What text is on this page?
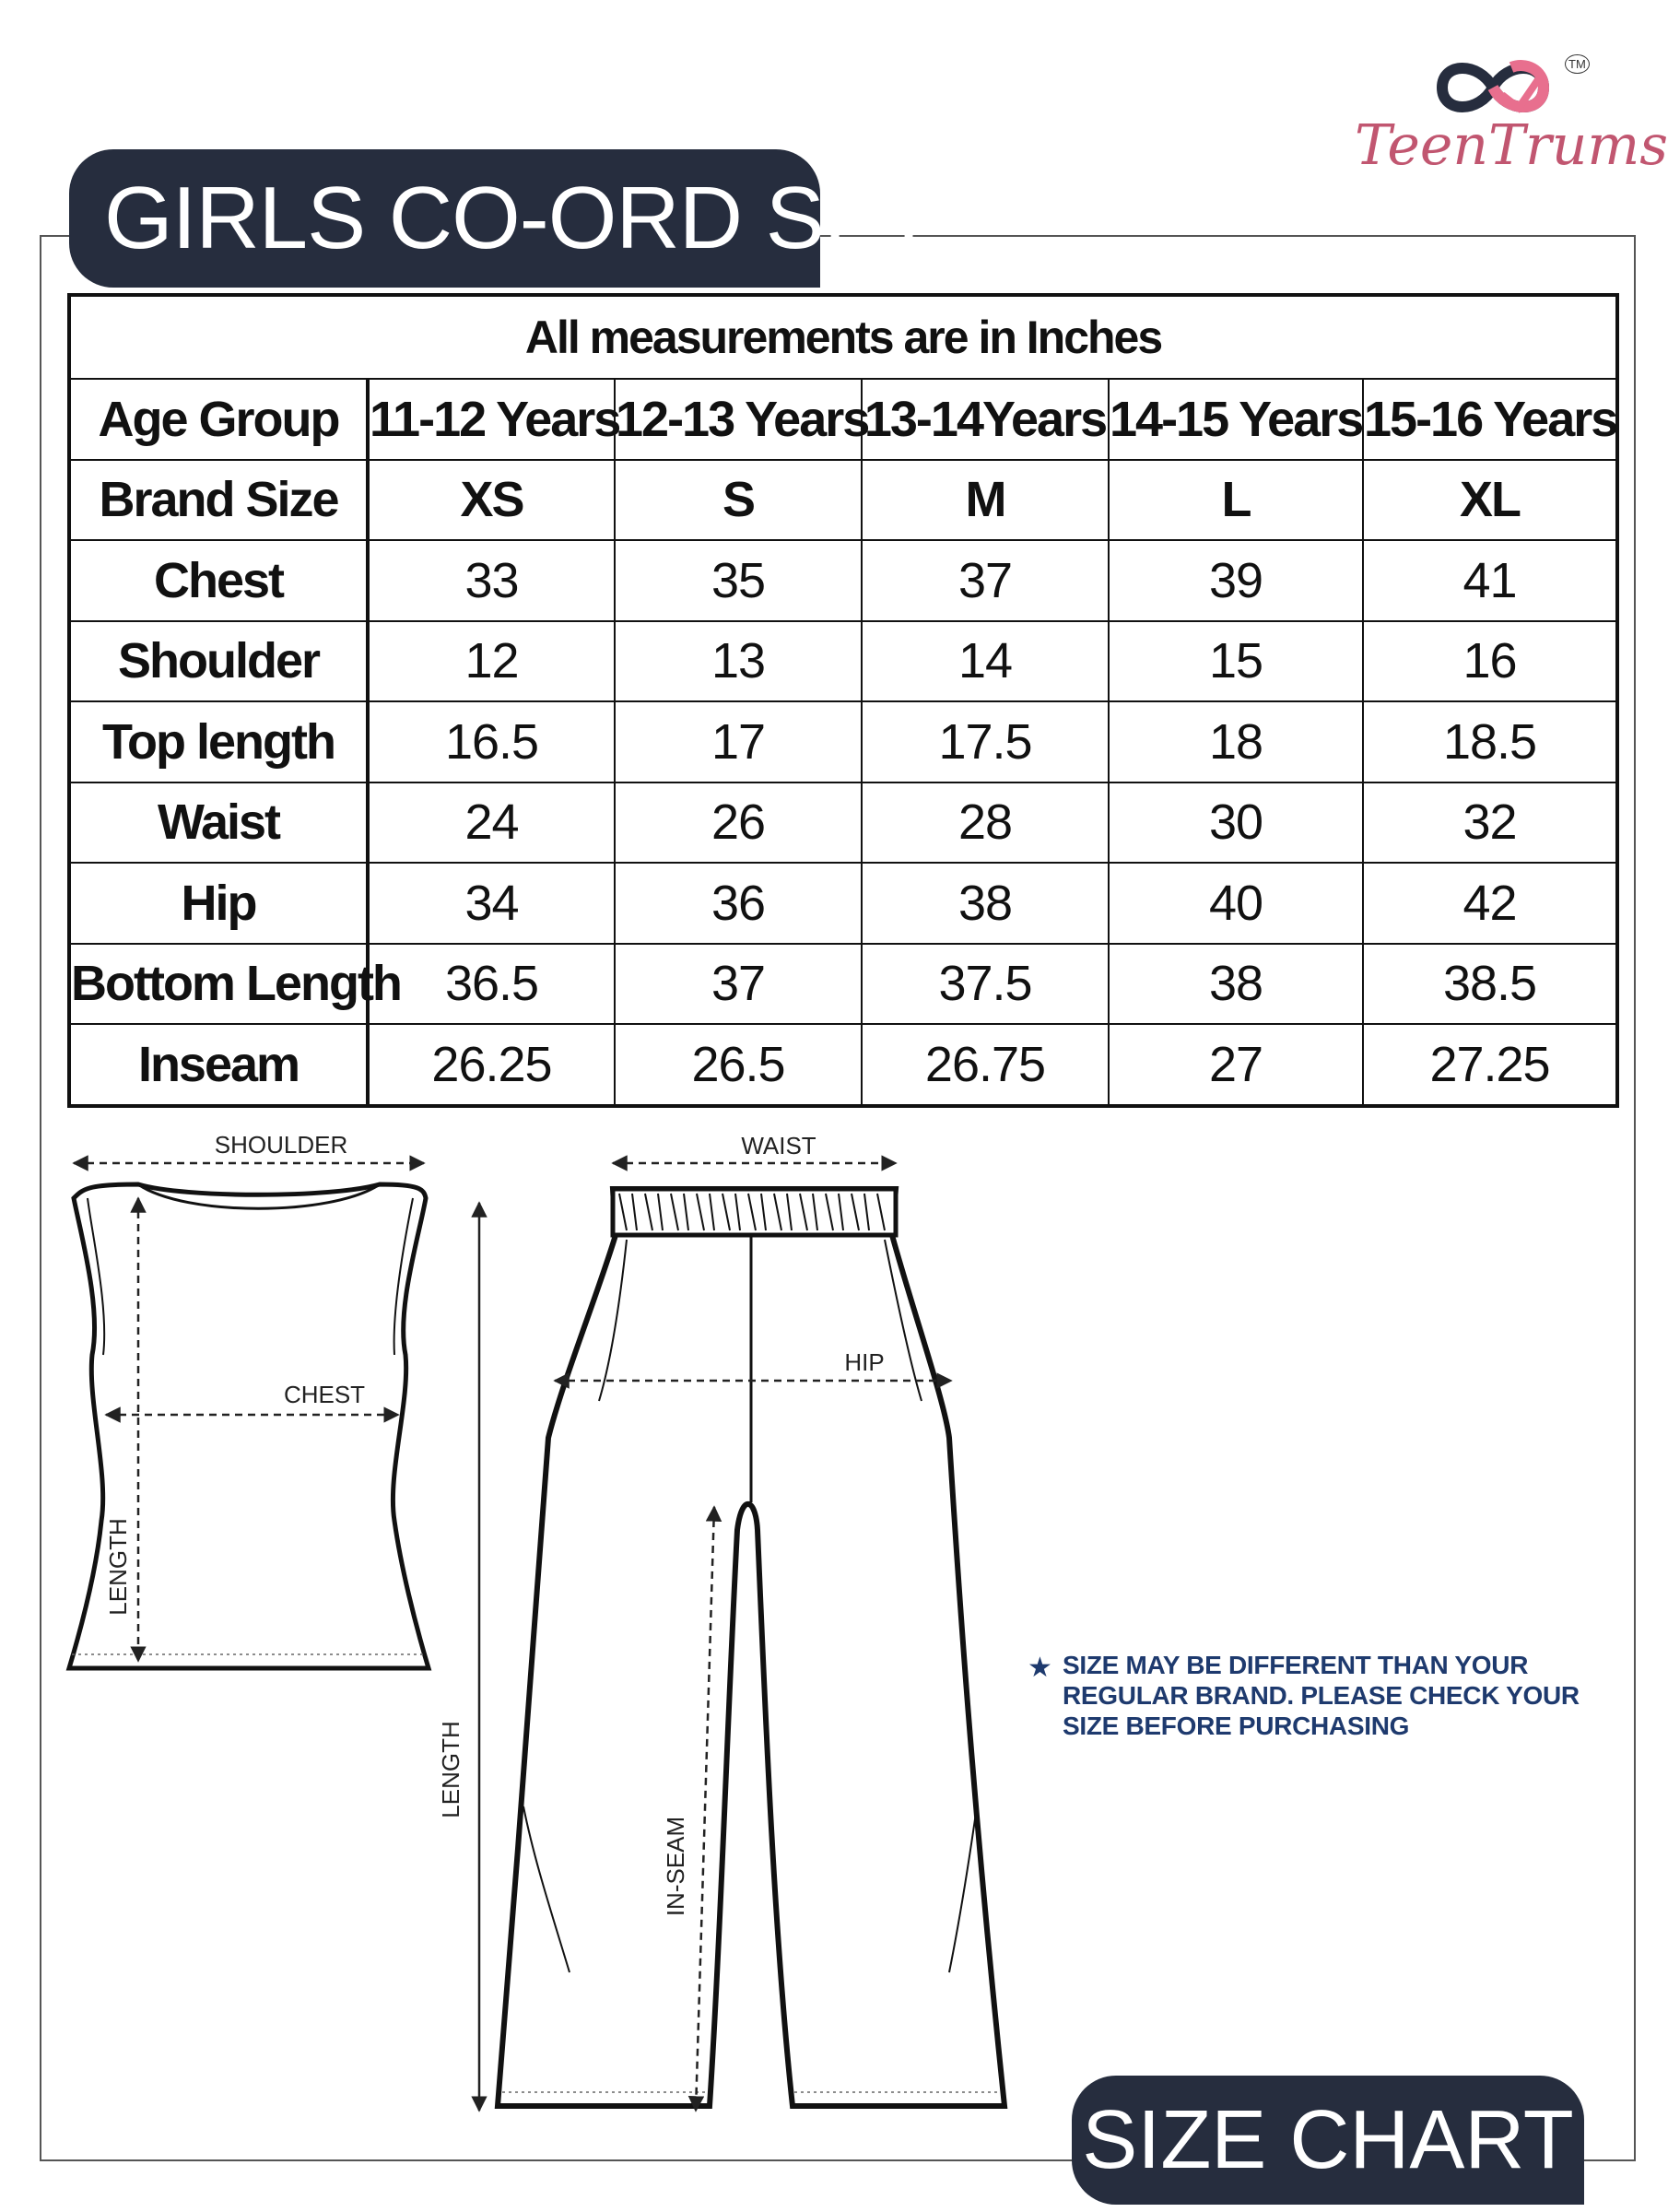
GIRLS CO-ORD SET
TM
TeenTrums
All measurements are in Inches					
Age Group	11-12 Years	12-13 Years	13-14Years	14-15 Years	15-16 Years
Brand Size	XS	S	M	L	XL
Chest	33	35	37	39	41
Shoulder	12	13	14	15	16
Top length	16.5	17	17.5	18	18.5
Waist	24	26	28	30	32
Hip	34	36	38	40	42
Bottom Length	36.5	37	37.5	38	38.5
Inseam	26.25	26.5	26.75	27	27.25
SHOULDER
CHEST
LENGTH
WAIST
HIP
LENGTH
IN-SEAM
★ SIZE MAY BE DIFFERENT THAN YOUR REGULAR BRAND. PLEASE CHECK YOUR SIZE BEFORE PURCHASING
SIZE CHART
